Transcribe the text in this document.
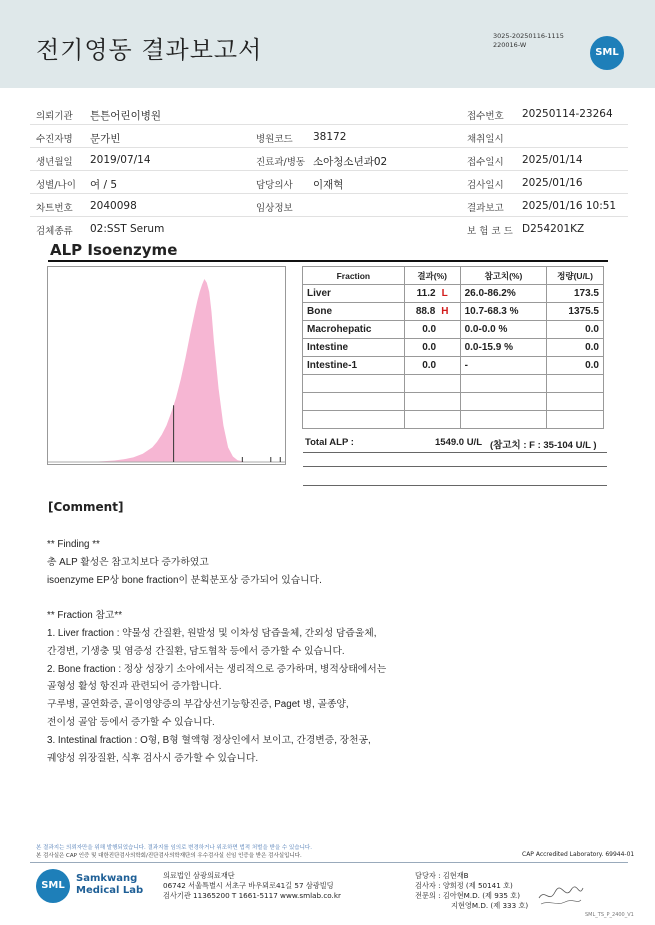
전기영동 결과보고서	3025-20250116-1115
220016-W
SML
의뢰기관 튼튼어린이병원	접수번호 20250114-23264
수진자명 문가빈	병원코드 38172	채취일시
생년월일 2019/07/14	진료과/병동 소아청소년과02	접수일시 2025/01/14
성별/나이 여 / 5	담당의사 이재혁	검사일시 2025/01/16
차트번호 2040098	임상정보	결과보고 2025/01/16 10:51
검체종류 02:SST Serum	보 험 코 드 D254201KZ
ALP Isoenzyme
Fraction	결과(%)	참고치(%)	정량(U/L)
Liver	11.2 L	26.0-86.2%	173.5
Bone	88.8 H	10.7-68.3 %	1375.5
Macrohepatic	0.0	0.0-0.0 %	0.0
Intestine	0.0	0.0-15.9 %	0.0
Intestine-1	0.0	-	0.0

Total ALP :	1549.0 U/L (참고치 : F : 35-104 U/L )
[Comment]
** Finding **
총 ALP 활성은 참고치보다 증가하였고
isoenzyme EP상 bone fraction이 분획분포상 증가되어 있습니다.
** Fraction 참고**
1. Liver fraction : 약물성 간질환, 원발성 및 이차성 담즙울체, 간외성 담즙울체,
간경변, 기생충 및 염증성 간질환, 담도협착 등에서 증가할 수 있습니다.
2. Bone fraction : 정상 성장기 소아에서는 생리적으로 증가하며, 병적상태에서는
골형성 활성 항진과 관련되어 증가합니다.
구루병, 골연화증, 골이영양증의 부갑상선기능항진증, Paget 병, 골종양,
전이성 골암 등에서 증가할 수 있습니다.
3. Intestinal fraction : O형, B형 혈액형 정상인에서 보이고, 간경변증, 장천공,
궤양성 위장질환, 식후 검사시 증가할 수 있습니다.
본 결과지는 의뢰자만을 위해 발행되었습니다. 결과지를 임의로 변경하거나 위조하면 법적 처벌을 받을 수 있습니다.
본 검사실은 CAP 인증 및 대한진단검사의학회/진단검사의학재단의 우수검사실 신임 인증을 받은 검사실입니다.	CAP Accredited Laboratory. 69944-01
SML
Samkwang
Medical Lab
의료법인 삼광의료재단
06742 서울특별시 서초구 바우뫼로41길 57 삼광빌딩
검사기관 11365200 T 1661-5117 www.smlab.co.kr
담당자 : 김현재B
검사자 : 양희정 (제 50141 호)
전문의 : 김아현M.D. (제 935 호)
지현영M.D. (제 333 호)
SML_TS_P_2400_V1
